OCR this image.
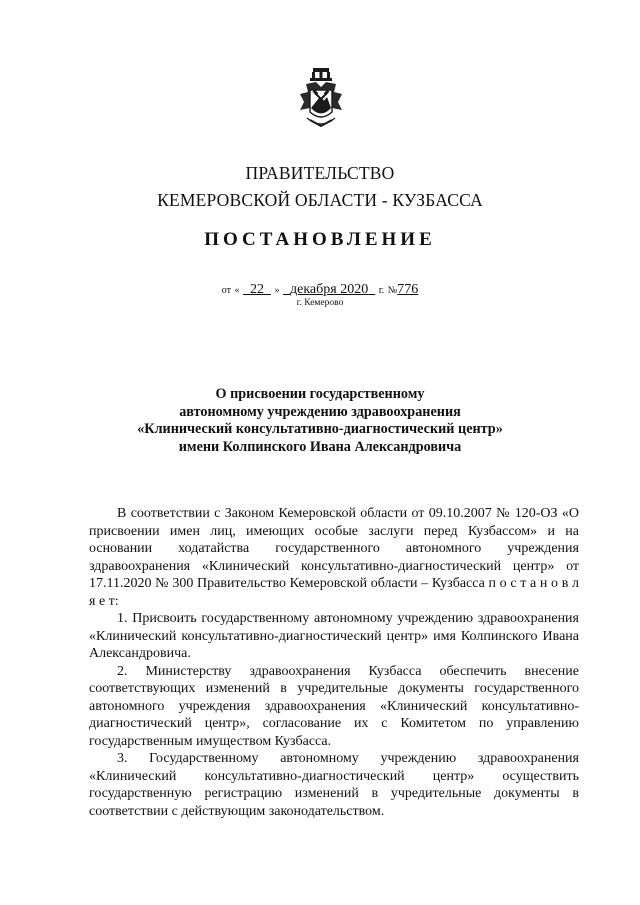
ПРАВИТЕЛЬСТВО
КЕМЕРОВСКОЙ ОБЛАСТИ - КУЗБАССА
ПОСТАНОВЛЕНИЕ
от « 22 » декабря 2020 г. №776
г. Кемерово
О присвоении государственному
автономному учреждению здравоохранения
«Клинический консультативно-диагностический центр»
имени Колпинского Ивана Александровича

В соответствии с Законом Кемеровской области от 09.10.2007 № 120-ОЗ «О присвоении имен лиц, имеющих особые заслуги перед Кузбассом» и на основании ходатайства государственного автономного учреждения здравоохранения «Клинический консультативно-диагностический центр» от 17.11.2020 № 300 Правительство Кемеровской области – Кузбасса п о с т а н о в л я е т:

1. Присвоить государственному автономному учреждению здравоохранения «Клинический консультативно-диагностический центр» имя Колпинского Ивана Александровича.

2. Министерству здравоохранения Кузбасса обеспечить внесение соответствующих изменений в учредительные документы государственного автономного учреждения здравоохранения «Клинический консультативно-диагностический центр», согласование их с Комитетом по управлению государственным имуществом Кузбасса.

3. Государственному автономному учреждению здравоохранения «Клинический консультативно-диагностический центр» осуществить государственную регистрацию изменений в учредительные документы в соответствии с действующим законодательством.
